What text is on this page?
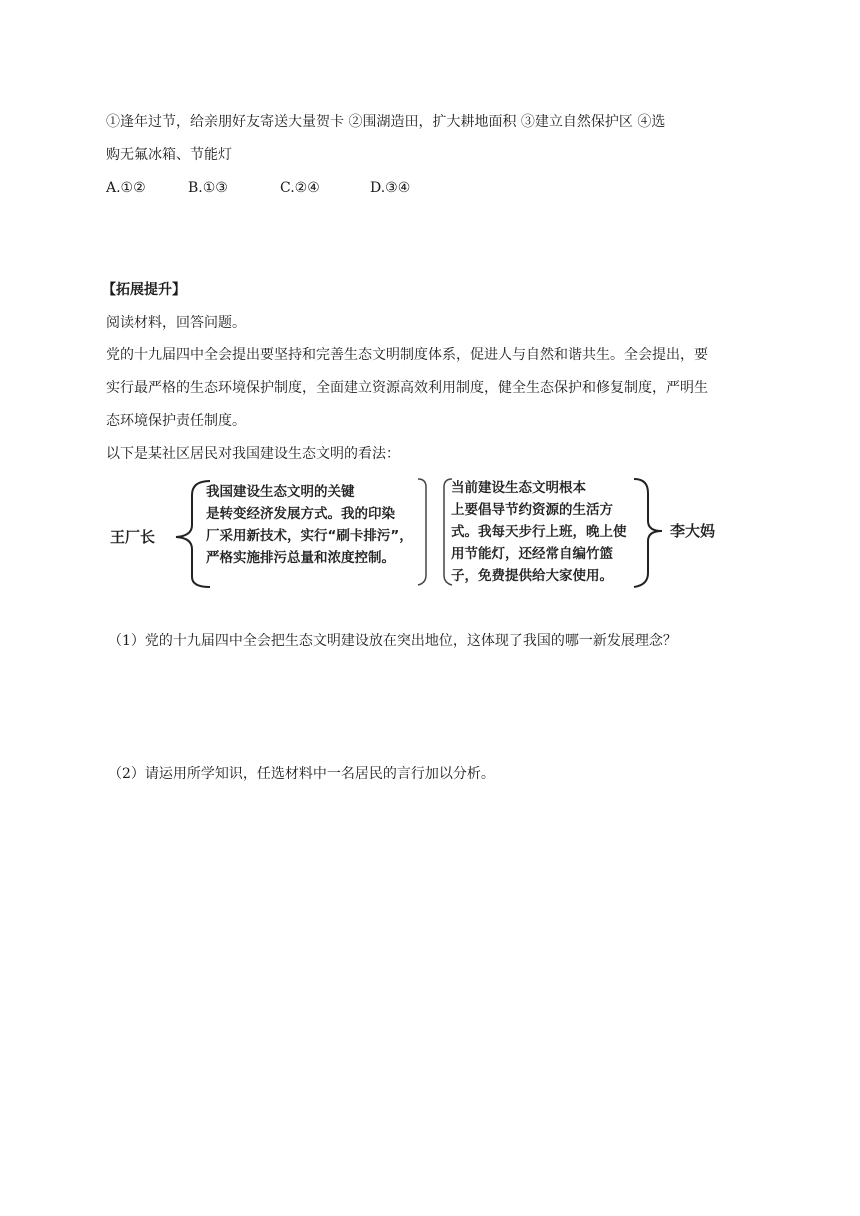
①逢年过节，给亲朋好友寄送大量贺卡 ②围湖造田，扩大耕地面积 ③建立自然保护区 ④选
购无氟冰箱、节能灯
A.①②	B.①③	C.②④	D.③④
【拓展提升】
阅读材料，回答问题。
党的十九届四中全会提出要坚持和完善生态文明制度体系，促进人与自然和谐共生。全会提出，要
实行最严格的生态环境保护制度，全面建立资源高效利用制度，健全生态保护和修复制度，严明生
态环境保护责任制度。
以下是某社区居民对我国建设生态文明的看法：
王厂长
我国建设生态文明的关键
是转变经济发展方式。我的印染
厂采用新技术，实行“刷卡排污”，
严格实施排污总量和浓度控制。
当前建设生态文明根本
上要倡导节约资源的生活方
式。我每天步行上班，晚上使
用节能灯，还经常自编竹篮
子，免费提供给大家使用。
李大妈
（1）党的十九届四中全会把生态文明建设放在突出地位，这体现了我国的哪一新发展理念？
（2）请运用所学知识，任选材料中一名居民的言行加以分析。
